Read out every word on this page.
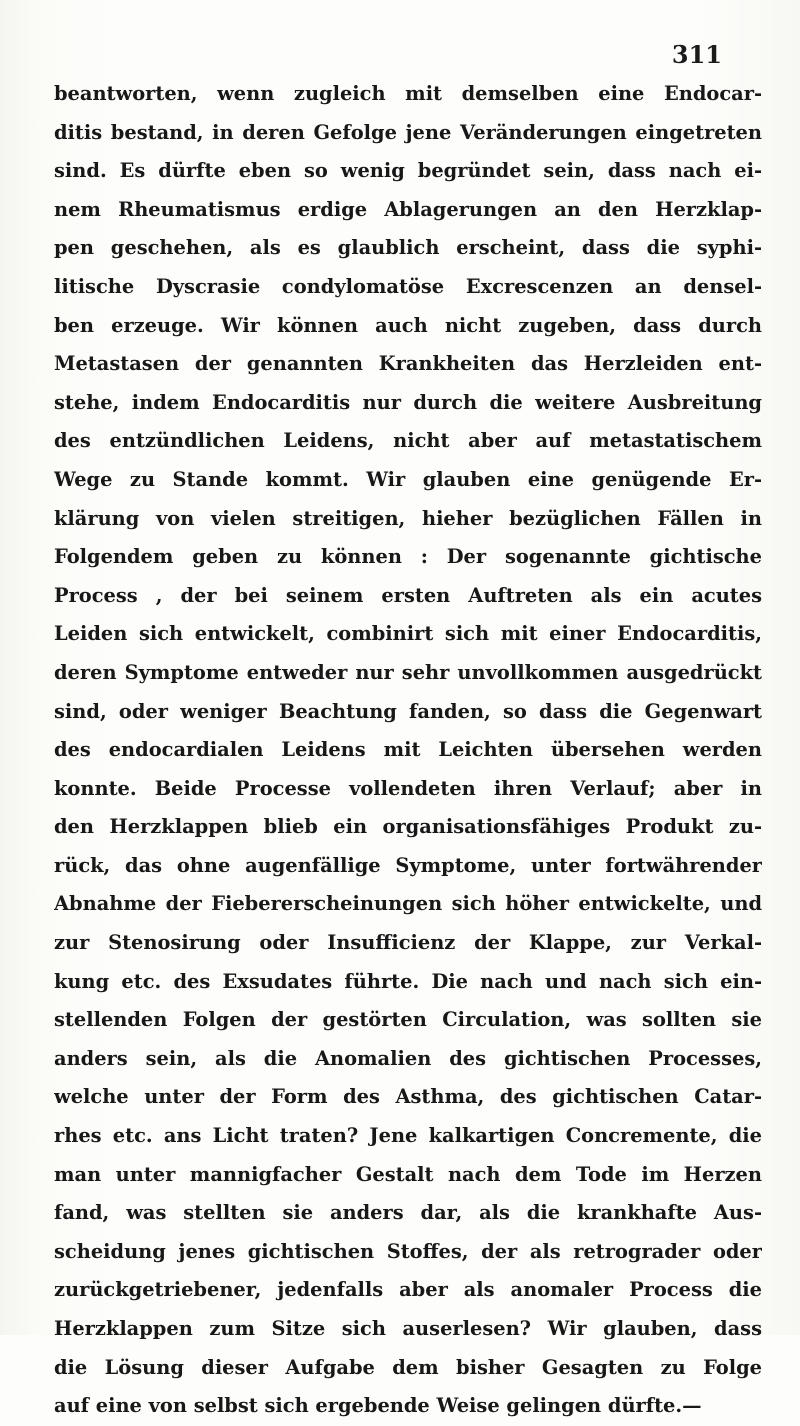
311
beantworten, wenn zugleich mit demselben eine Endocar-
ditis bestand, in deren Gefolge jene Veränderungen eingetreten
sind. Es dürfte eben so wenig begründet sein, dass nach ei-
nem Rheumatismus erdige Ablagerungen an den Herzklap-
pen geschehen, als es glaublich erscheint, dass die syphi-
litische Dyscrasie condylomatöse Excrescenzen an densel-
ben erzeuge. Wir können auch nicht zugeben, dass durch
Metastasen der genannten Krankheiten das Herzleiden ent-
stehe, indem Endocarditis nur durch die weitere Ausbreitung
des entzündlichen Leidens, nicht aber auf metastatischem
Wege zu Stande kommt. Wir glauben eine genügende Er-
klärung von vielen streitigen, hieher bezüglichen Fällen in
Folgendem geben zu können : Der sogenannte gichtische
Process , der bei seinem ersten Auftreten als ein acutes
Leiden sich entwickelt, combinirt sich mit einer Endocarditis,
deren Symptome entweder nur sehr unvollkommen ausgedrückt
sind, oder weniger Beachtung fanden, so dass die Gegenwart
des endocardialen Leidens mit Leichten übersehen werden
konnte. Beide Processe vollendeten ihren Verlauf; aber in
den Herzklappen blieb ein organisationsfähiges Produkt zu-
rück, das ohne augenfällige Symptome, unter fortwährender
Abnahme der Fiebererscheinungen sich höher entwickelte, und
zur Stenosirung oder Insufficienz der Klappe, zur Verkal-
kung etc. des Exsudates führte. Die nach und nach sich ein-
stellenden Folgen der gestörten Circulation, was sollten sie
anders sein, als die Anomalien des gichtischen Processes,
welche unter der Form des Asthma, des gichtischen Catar-
rhes etc. ans Licht traten? Jene kalkartigen Concremente, die
man unter mannigfacher Gestalt nach dem Tode im Herzen
fand, was stellten sie anders dar, als die krankhafte Aus-
scheidung jenes gichtischen Stoffes, der als retrograder oder
zurückgetriebener, jedenfalls aber als anomaler Process die
Herzklappen zum Sitze sich auserlesen? Wir glauben, dass
die Lösung dieser Aufgabe dem bisher Gesagten zu Folge
auf eine von selbst sich ergebende Weise gelingen dürfte.—
